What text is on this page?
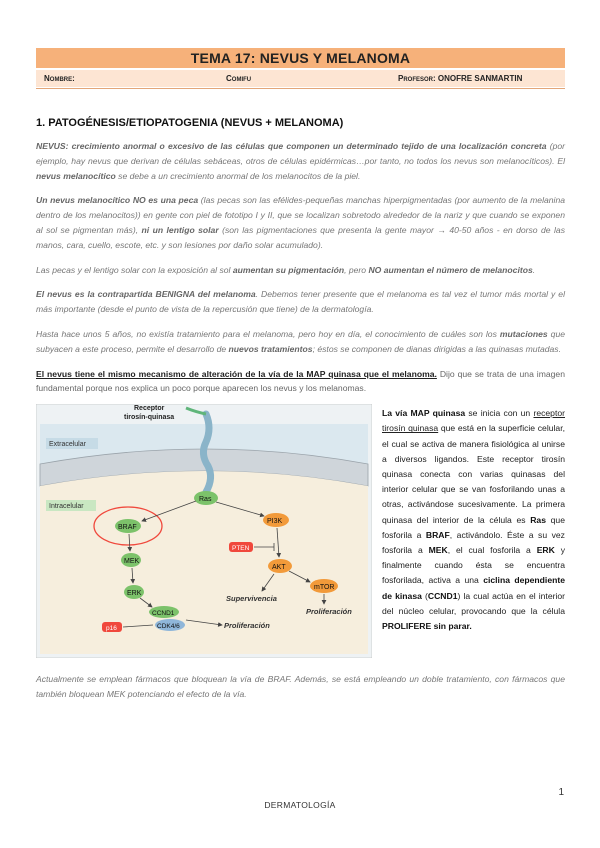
TEMA 17: NEVUS Y MELANOMA
Nombre:	Comifu	Profesor: ONOFRE SANMARTIN
1. PATOGÉNESIS/ETIOPATOGENIA (NEVUS + MELANOMA)

NEVUS: crecimiento anormal o excesivo de las células que componen un determinado tejido de una localización concreta (por ejemplo, hay nevus que derivan de células sebáceas, otros de células epidérmicas…por tanto, no todos los nevus son melanocíticos). El nevus melanocítico se debe a un crecimiento anormal de los melanocitos de la piel.

Un nevus melanocítico NO es una peca (las pecas son las efélides-pequeñas manchas hiperpigmentadas (por aumento de la melanina dentro de los melanocitos)) en gente con piel de fototipo I y II, que se localizan sobretodo alrededor de la nariz y que cuando se exponen al sol se pigmentan más), ni un lentigo solar (son las pigmentaciones que presenta la gente mayor → 40-50 años - en dorso de las manos, cara, cuello, escote, etc. y son lesiones por daño solar acumulado).

Las pecas y el lentigo solar con la exposición al sol aumentan su pigmentación, pero NO aumentan el número de melanocitos.

El nevus es la contrapartida BENIGNA del melanoma. Debemos tener presente que el melanoma es tal vez el tumor más mortal y el más importante (desde el punto de vista de la repercusión que tiene) de la dermatología.

Hasta hace unos 5 años, no existía tratamiento para el melanoma, pero hoy en día, el conocimiento de cuáles son los mutaciones que subyacen a este proceso, permite el desarrollo de nuevos tratamientos; éstos se componen de dianas dirigidas a las quinasas mutadas.

El nevus tiene el mismo mecanismo de alteración de la vía de la MAP quinasa que el melanoma. Dijo que se trata de una imagen fundamental porque nos explica un poco porque aparecen los nevus y los melanomas.

Receptor
tirosín-quinasa
Extracelular
Intracelular
Ras
BRAF
MEK
ERK
CCND1
CDK4/6
p16
PI3K
PTEN
AKT
mTOR
Supervivencia
Proliferación
Proliferación
La vía MAP quinasa se inicia con un receptor tirosín quinasa que está en la superficie celular, el cual se activa de manera fisiológica al unirse a diversos ligandos. Este receptor tirosín quinasa conecta con varias quinasas del interior celular que se van fosforilando unas a otras, activándose sucesivamente. La primera quinasa del interior de la célula es Ras que fosforila a BRAF, activándolo. Éste a su vez fosforila a MEK, el cual fosforila a ERK y finalmente cuando ésta se encuentra fosforilada, activa a una ciclina dependiente de kinasa (CCND1) la cual actúa en el interior del núcleo celular, provocando que la célula PROLIFERE sin parar.

Actualmente se emplean fármacos que bloquean la vía de BRAF. Además, se está empleando un doble tratamiento, con fármacos que también bloquean MEK potenciando el efecto de la vía.

1
DERMATOLOGÍA
